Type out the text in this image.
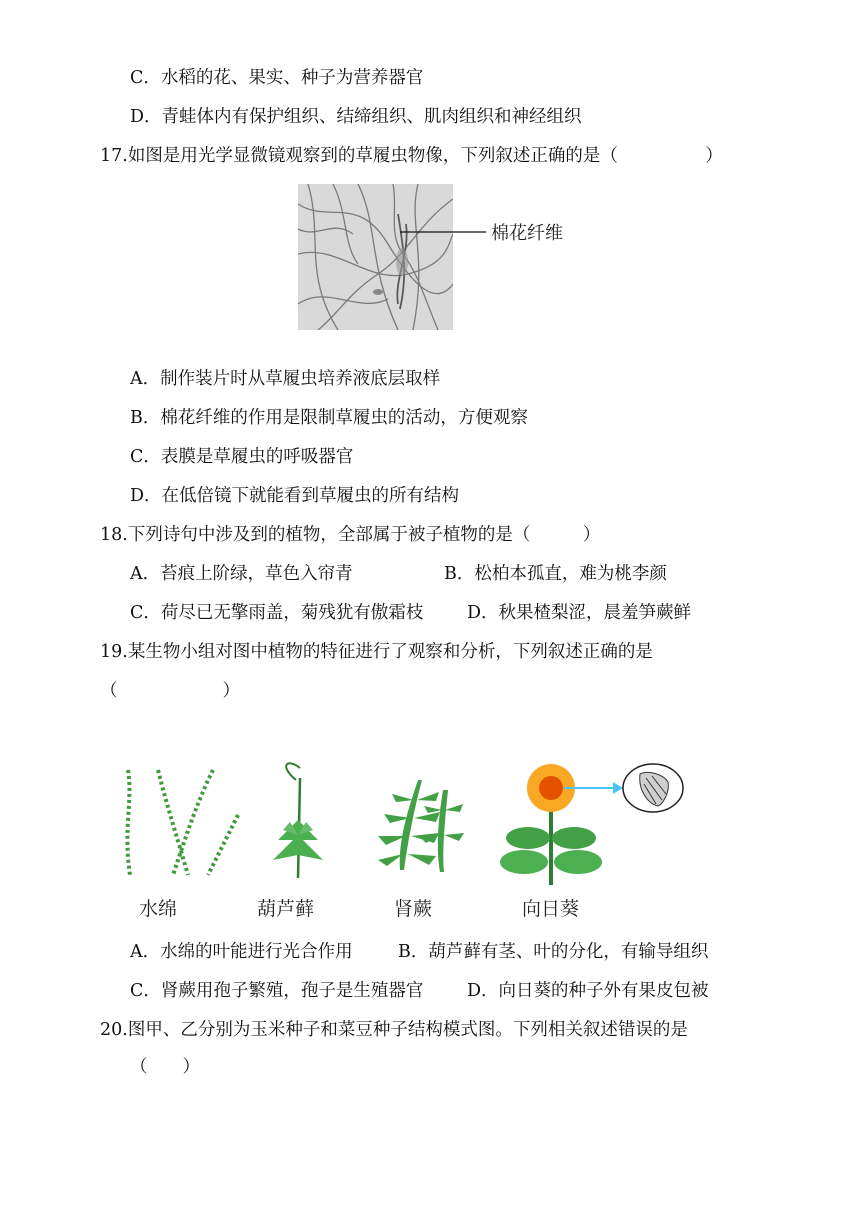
C．水稻的花、果实、种子为营养器官
D．青蛙体内有保护组织、结缔组织、肌肉组织和神经组织
17.如图是用光学显微镜观察到的草履虫物像，下列叙述正确的是（　　　　　）
棉花纤维
A．制作装片时从草履虫培养液底层取样
B．棉花纤维的作用是限制草履虫的活动，方便观察
C．表膜是草履虫的呼吸器官
D．在低倍镜下就能看到草履虫的所有结构
18.下列诗句中涉及到的植物，全部属于被子植物的是（　　　）
A．苔痕上阶绿，草色入帘青	B．松柏本孤直，难为桃李颜
C．荷尽已无擎雨盖，菊残犹有傲霜枝 D．秋果楂梨涩，晨羞笋蕨鲜
19.某生物小组对图中植物的特征进行了观察和分析，下列叙述正确的是
（　　　　　　）
水绵	葫芦藓	肾蕨	向日葵
A．水绵的叶能进行光合作用	B．葫芦藓有茎、叶的分化，有输导组织
C．肾蕨用孢子繁殖，孢子是生殖器官 D．向日葵的种子外有果皮包被
20.图甲、乙分别为玉米种子和菜豆种子结构模式图。下列相关叙述错误的是
（　　）
